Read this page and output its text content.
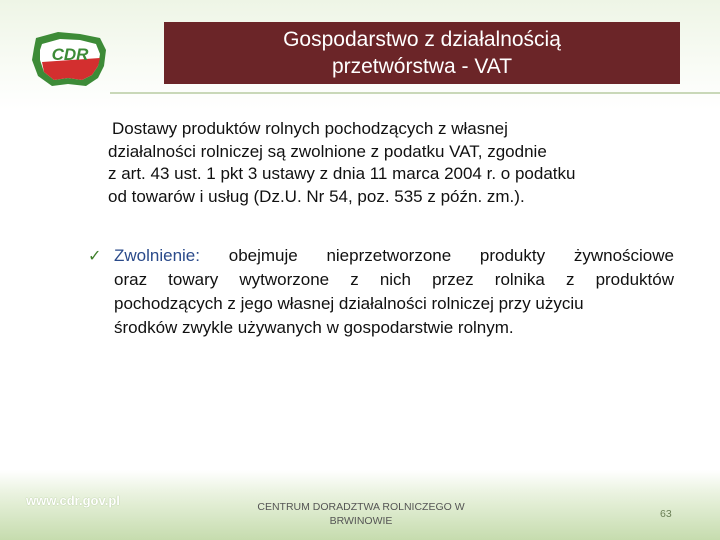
CDR
Gospodarstwo z działalnością
przetwórstwa - VAT
Dostawy produktów rolnych pochodzących z własnej
działalności rolniczej są zwolnione z podatku VAT, zgodnie
z art. 43 ust. 1 pkt 3 ustawy z dnia 11 marca 2004 r. o podatku
od towarów i usług (Dz.U. Nr 54, poz. 535 z późn. zm.).
✓ Zwolnienie: obejmuje nieprzetworzone produkty żywnościowe
oraz towary wytworzone z nich przez rolnika z produktów
pochodzących z jego własnej działalności rolniczej przy użyciu
środków zwykle używanych w gospodarstwie rolnym.
www.cdr.gov.pl	CENTRUM DORADZTWA ROLNICZEGO W
BRWINOWIE
63
